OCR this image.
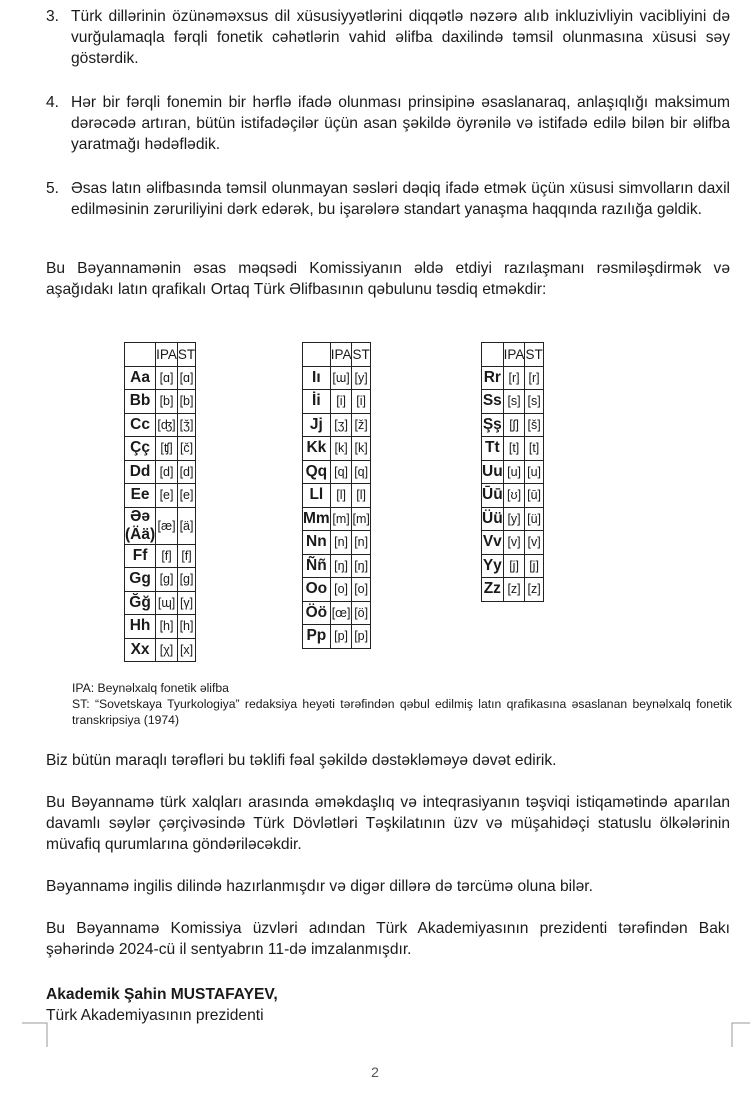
3. Türk dillərinin özünəməxsus dil xüsusiyyətlərini diqqətlə nəzərə alıb inkluzivliyin vacibliyini də vurğulamaqla fərqli fonetik cəhətlərin vahid əlifba daxilində təmsil olunmasına xüsusi səy göstərdik.
4. Hər bir fərqli fonemin bir hərflə ifadə olunması prinsipinə əsaslanaraq, anlaşıqlığı maksimum dərəcədə artıran, bütün istifadəçilər üçün asan şəkildə öyrənilə və istifadə edilə bilən bir əlifba yaratmağı hədəflədik.
5. Əsas latın əlifbasında təmsil olunmayan səsləri dəqiq ifadə etmək üçün xüsusi simvolların daxil edilməsinin zəruriliyini dərk edərək, bu işarələrə standart yanaşma haqqında razılığa gəldik.

Bu Bəyannamənin əsas məqsədi Komissiyanın əldə etdiyi razılaşmanı rəsmiləşdirmək və aşağıdakı latın qrafikalı Ortaq Türk Əlifbasının qəbulunu təsdiq etməkdir:

	IPA	ST
Aa	[ɑ]	[ɑ]
Bb	[b]	[b]
Cc	[ʤ]	[ǯ]
Çç	[ʧ]	[č]
Dd	[d]	[d]
Ee	[e]	[e]
Əə (Ää)	[æ]	[ä]
Ff	[f]	[f]
Gg	[g]	[g]
Ğğ	[ɰ]	[γ]
Hh	[h]	[h]
Xx	[χ]	[x]
	IPA	ST
Iı	[ɯ]	[y]
İi	[i]	[i]
Jj	[ʒ]	[ž]
Kk	[k]	[k]
Qq	[q]	[q]
Ll	[l]	[l]
Mm	[m]	[m]
Nn	[n]	[n]
Ññ	[ŋ]	[ŋ]
Oo	[o]	[o]
Öö	[œ]	[ö]
Pp	[p]	[p]
	IPA	ST
Rr	[r]	[r]
Ss	[s]	[s]
Şş	[ʃ]	[š]
Tt	[t]	[t]
Uu	[u]	[u]
Ūū	[ʊ]	[ū]
Üü	[y]	[ü]
Vv	[v]	[v]
Yy	[j]	[j]
Zz	[z]	[z]

IPA: Beynəlxalq fonetik əlifba

ST: “Sovetskaya Tyurkologiya” redaksiya heyəti tərəfindən qəbul edilmiş latın qrafikasına əsaslanan beynəlxalq fonetik transkripsiya (1974)

Biz bütün maraqlı tərəfləri bu təklifi fəal şəkildə dəstəkləməyə dəvət edirik.

Bu Bəyannamə türk xalqları arasında əməkdaşlıq və inteqrasiyanın təşviqi istiqamətində aparılan davamlı səylər çərçivəsində Türk Dövlətləri Təşkilatının üzv və müşahidəçi statuslu ölkələrinin müvafiq qurumlarına göndəriləcəkdir.

Bəyannamə ingilis dilində hazırlanmışdır və digər dillərə də tərcümə oluna bilər.

Bu Bəyannamə Komissiya üzvləri adından Türk Akademiyasının prezidenti tərəfindən Bakı şəhərində 2024-cü il sentyabrın 11-də imzalanmışdır.

Akademik Şahin MUSTAFAYEV,
Türk Akademiyasının prezidenti
2
